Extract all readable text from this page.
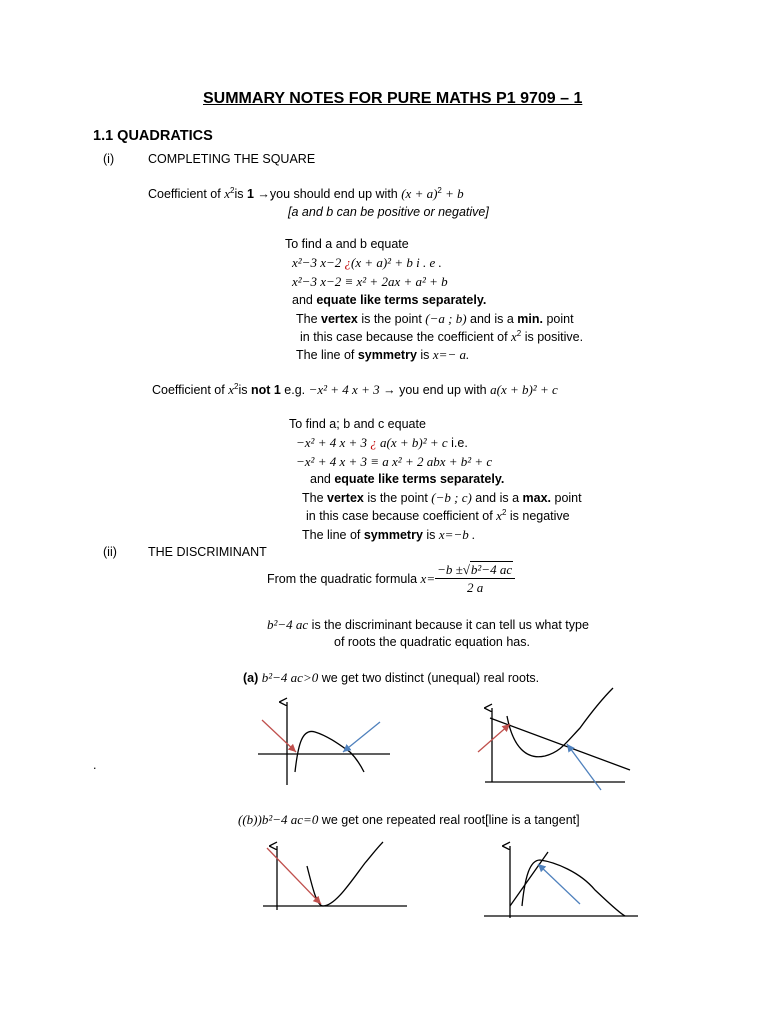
SUMMARY NOTES FOR PURE MATHS P1 9709 – 1
1.1 QUADRATICS
(i)	COMPLETING THE SQUARE
Coefficient of $x^2is$ 1 →you should end up with $(x + a)^2 + b$
[a and b can be positive or negative]
To find a and b equate
x²−3 x−2 ¿(x + a)² + b i . e .
x²−3 x−2 ≡ x² + 2ax + a² + b
and equate like terms separately.
The vertex is the point (−a ; b) and is a min. point
in this case because the coefficient of $x^2$ is positive.
The line of symmetry is x=− a.
Coefficient of $x^2is$ not 1 e.g. −x² + 4 x + 3 → you end up with a(x + b)² + c
To find a; b and c equate
−x² + 4 x + 3 ¿ a(x + b)² + c i.e.
−x² + 4 x + 3 ≡ a x² + 2 abx + b² + c
and equate like terms separately.
The vertex is the point (−b ; c) and is a max. point
in this case because coefficient of $x^2$ is negative
The line of symmetry is x=−b .
(ii) THE DISCRIMINANT
From the quadratic formula $x= \frac{\text{−b ±√b²−4 ac}}{2 a}$
b²−4 ac is the discriminant because it can tell us what type
of roots the quadratic equation has.
(a) b²−4 ac>0 we get two distinct (unequal) real roots.
.
((b))b²−4 ac=0 we get one repeated real root[line is a tangent]
